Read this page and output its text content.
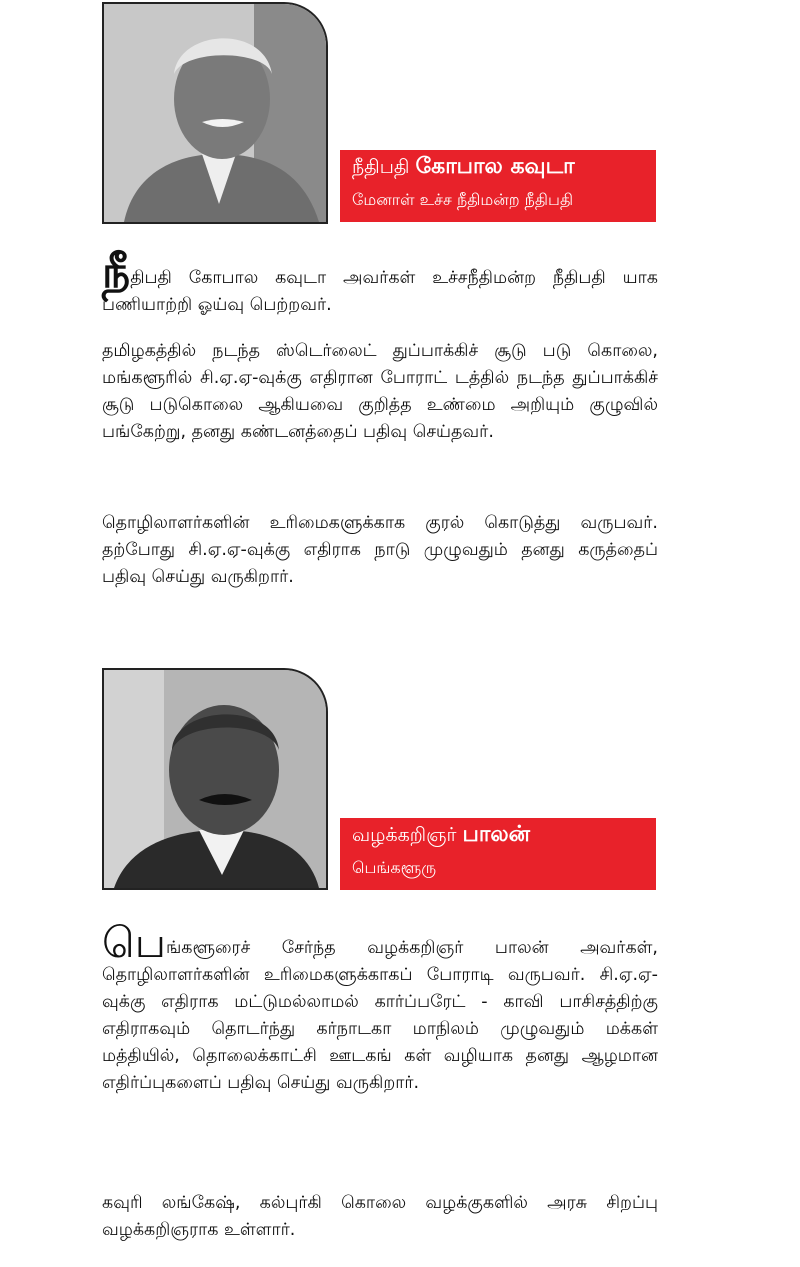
நீதிபதி கோபால கவுடா
மேனாள் உச்ச நீதிமன்ற நீதிபதி

நீதிபதி கோபால கவுடா அவர்கள் உச்சநீதிமன்ற நீதிபதி யாக பணியாற்றி ஓய்வு பெற்றவர்.

தமிழகத்தில் நடந்த ஸ்டெர்லைட் துப்பாக்கிச் சூடு படு கொலை, மங்களூரில் சி.ஏ.ஏ-வுக்கு எதிரான போராட் டத்தில் நடந்த துப்பாக்கிச் சூடு படுகொலை ஆகியவை குறித்த உண்மை அறியும் குழுவில் பங்கேற்று, தனது கண்டனத்தைப் பதிவு செய்தவர்.

தொழிலாளர்களின் உரிமைகளுக்காக குரல் கொடுத்து வருபவர். தற்போது சி.ஏ.ஏ-வுக்கு எதிராக நாடு முழுவதும் தனது கருத்தைப் பதிவு செய்து வருகிறார்.

வழக்கறிஞர் பாலன்
பெங்களூரு

பெங்களூரைச் சேர்ந்த வழக்கறிஞர் பாலன் அவர்கள், தொழிலாளர்களின் உரிமைகளுக்காகப் போராடி வருபவர். சி.ஏ.ஏ-வுக்கு எதிராக மட்டுமல்லாமல் கார்ப்பரேட் - காவி பாசிசத்திற்கு எதிராகவும் தொடர்ந்து கர்நாடகா மாநிலம் முழுவதும் மக்கள் மத்தியில், தொலைக்காட்சி ஊடகங் கள் வழியாக தனது ஆழமான எதிர்ப்புகளைப் பதிவு செய்து வருகிறார்.

கவுரி லங்கேஷ், கல்புர்கி கொலை வழக்குகளில் அரசு சிறப்பு வழக்கறிஞராக உள்ளார்.
